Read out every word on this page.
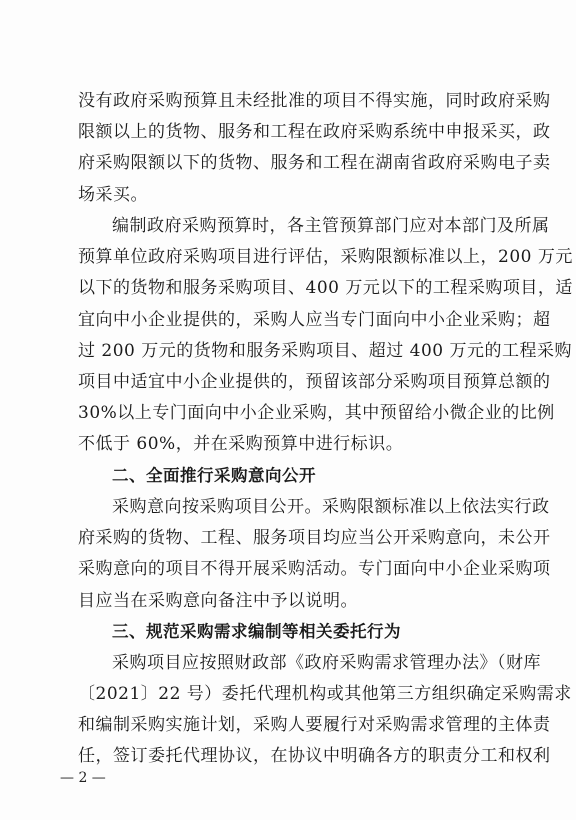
没有政府采购预算且未经批准的项目不得实施，同时政府采购
限额以上的货物、服务和工程在政府采购系统中申报采买，政
府采购限额以下的货物、服务和工程在湖南省政府采购电子卖
场采买。
编制政府采购预算时，各主管预算部门应对本部门及所属
预算单位政府采购项目进行评估，采购限额标准以上，200 万元
以下的货物和服务采购项目、400 万元以下的工程采购项目，适
宜向中小企业提供的，采购人应当专门面向中小企业采购；超
过 200 万元的货物和服务采购项目、超过 400 万元的工程采购
项目中适宜中小企业提供的，预留该部分采购项目预算总额的
30%以上专门面向中小企业采购，其中预留给小微企业的比例
不低于 60%，并在采购预算中进行标识。
二、全面推行采购意向公开
采购意向按采购项目公开。采购限额标准以上依法实行政
府采购的货物、工程、服务项目均应当公开采购意向，未公开
采购意向的项目不得开展采购活动。专门面向中小企业采购项
目应当在采购意向备注中予以说明。
三、规范采购需求编制等相关委托行为
采购项目应按照财政部《政府采购需求管理办法》（财库
〔2021〕22 号）委托代理机构或其他第三方组织确定采购需求
和编制采购实施计划，采购人要履行对采购需求管理的主体责
任，签订委托代理协议，在协议中明确各方的职责分工和权利
— 2 —
